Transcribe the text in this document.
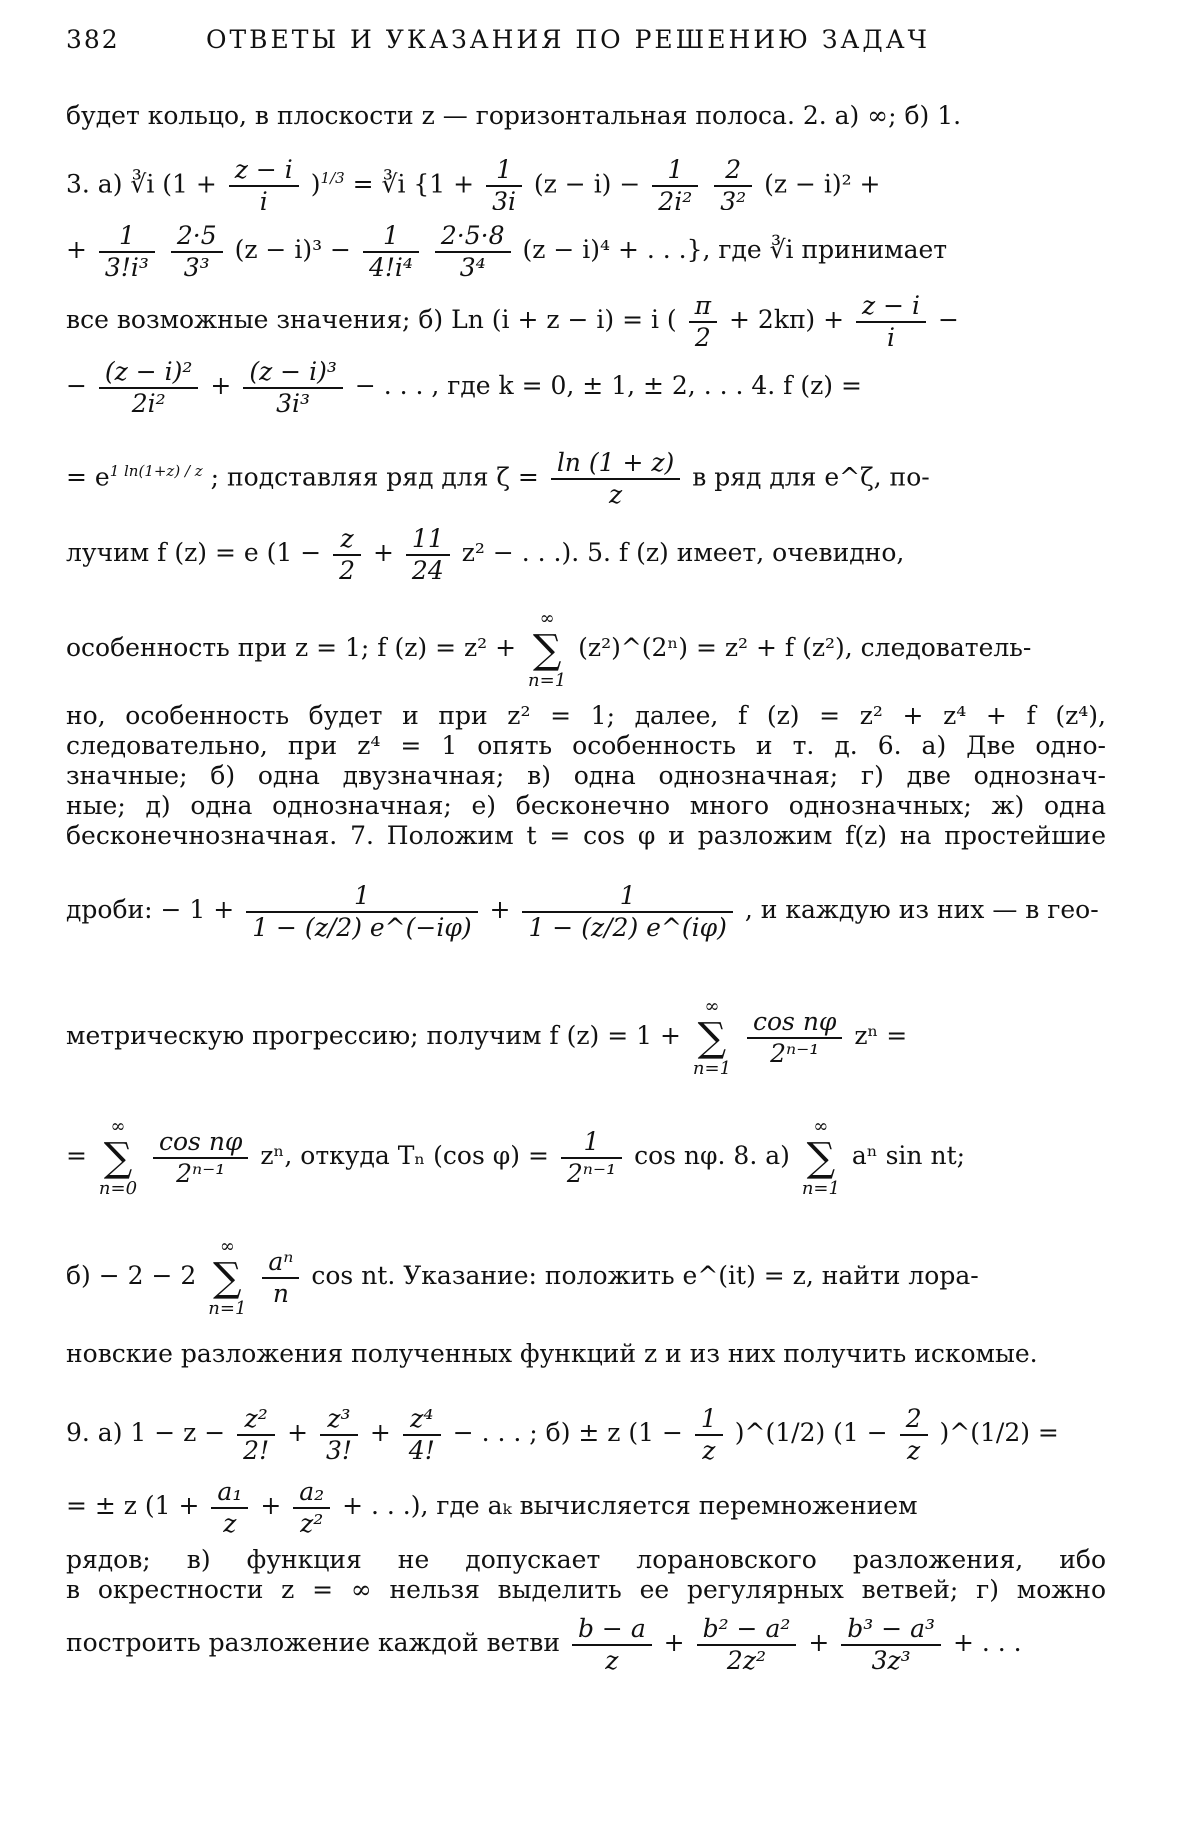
382	ОТВЕТЫ И УКАЗАНИЯ ПО РЕШЕНИЮ ЗАДАЧ
будет кольцо, в плоскости z — горизонтальная полоса. 2. а) ∞; б) 1.
3. а) ∛i $(1 + \frac{z - i}{i} )^{1/3}$ = ∛i {$1 + \frac{1}{3i} (z - i) - \frac{1}{\text{2i²}}$
$\frac{2}{\text{3²}} (z - i)^2$ +
+ $\frac{1}{\text{3!i³}}$
$\frac{2\cdot 5}{\text{3³}} (z - i)^3 - \frac{1}{\text{4!i⁴}}$
$\frac{2\cdot 5\cdot 8}{\text{3⁴}} (z - i)^4$ + . . .}, где ∛i принимает
все возможные значения; б) Ln (i + z − i) = i ( $\frac{\pi}{2} + 2k\pi) + \frac{z - i}{i}$ −
− $\frac{\text{(z − i)²}}{\text{2i²}} + \frac{\text{(z − i)³}}{\text{3i³}}$ − . . . , где k = 0, ± 1, ± 2, . . . 4. f (z) =
= $e^{1 ln(1+z) / z}$ ; подставляя ряд для $\zeta = \frac{\ln (1 + z)}{z}$ в ряд для e^ζ, по-
лучим f (z) = e ($1 - \frac{z}{2} + \frac{11}{24} z^2$ − . . .). 5. f (z) имеет, очевидно,
особенность при z = 1; f (z) = z² +
∞
∑
n=1
(z²)^(2ⁿ) = z² + f (z²), следователь-
но, особенность будет и при z² = 1; далее, f (z) = z² + z⁴ + f (z⁴),
следовательно, при z⁴ = 1 опять особенность и т. д. 6. а) Две одно-
значные; б) одна двузначная; в) одна однозначная; г) две однознач-
ные; д) одна однозначная; е) бесконечно много однозначных; ж) одна
бесконечнозначная. 7. Положим t = cos φ и разложим f(z) на простейшие
дроби: − $1 + \frac{1}{1 - (z/2) e\^{}(-i\varphi)} + \frac{1}{1 - (z/2) e\^{}(i\varphi)}$ , и каждую из них — в гео-
метрическую прогрессию; получим f (z) = 1 +
∞
∑
n=1
$\frac{\text{cos nφ}}{\text{2ⁿ⁻¹}}$ zⁿ =
=
∞
∑
n=0
$\frac{\text{cos nφ}}{\text{2ⁿ⁻¹}} z^n$, откуда Tₙ (cos $\varphi) = \frac{1}{\text{2ⁿ⁻¹}}$ cos nφ. 8. а)
∞
∑
n=1
aⁿ sin nt;
б) − 2 − 2
∞
∑
n=1
$\frac{\text{aⁿ}}{n}$ cos nt. Указание: положить e^(it) = z, найти лора-
новские разложения полученных функций z и из них получить искомые.
9. а) $1 - z - \frac{\text{z²}}{2!} + \frac{\text{z³}}{3!} + \frac{\text{z⁴}}{4!}$ − . . . ; б) ± z ($1 - \frac{1}{z}$ )^(1/2) ($1 - \frac{2}{z}$ )^(1/2) =
= ± z ($1 + \frac{\text{a₁}}{z} + \frac{\text{a₂}}{\text{z²}}$ + . . .), где aₖ вычисляется перемножением
рядов; в) функция не допускает лорановского разложения, ибо
в окрестности z = ∞ нельзя выделить ее регулярных ветвей; г) можно
построить разложение каждой ветви $\frac{b - a}{z} + \frac{\text{b² − a²}}{\text{2z²}} + \frac{\text{b³ − a³}}{\text{3z³}}$ + . . .
